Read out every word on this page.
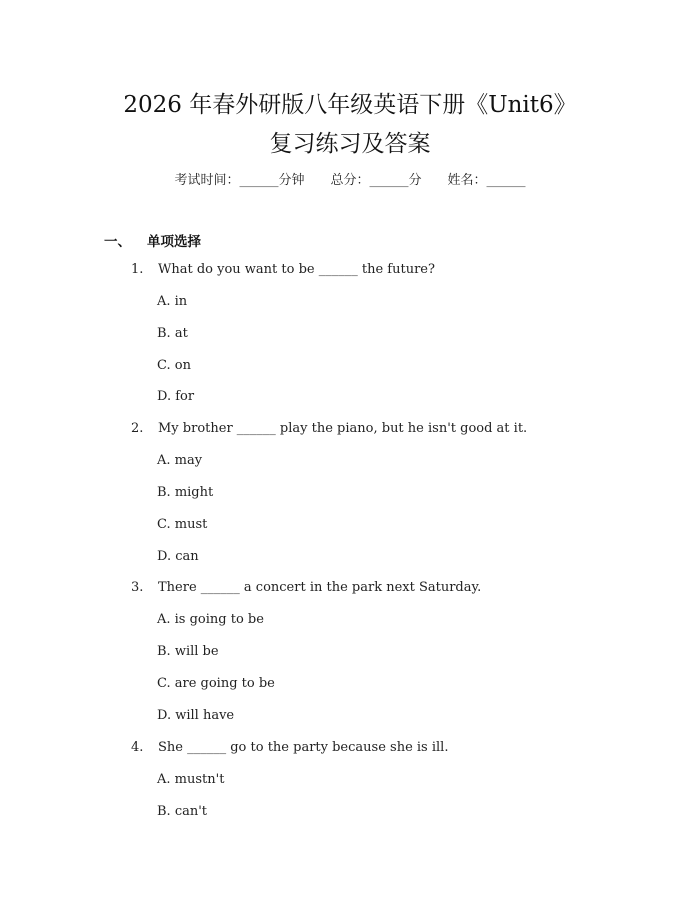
2026 年春外研版八年级英语下册《Unit6》
复习练习及答案
考试时间：______分钟 总分：______分 姓名：______
一、 单项选择
1. What do you want to be ______ the future?
A. in
B. at
C. on
D. for
2. My brother ______ play the piano, but he isn't good at it.
A. may
B. might
C. must
D. can
3. There ______ a concert in the park next Saturday.
A. is going to be
B. will be
C. are going to be
D. will have
4. She ______ go to the party because she is ill.
A. mustn't
B. can't
